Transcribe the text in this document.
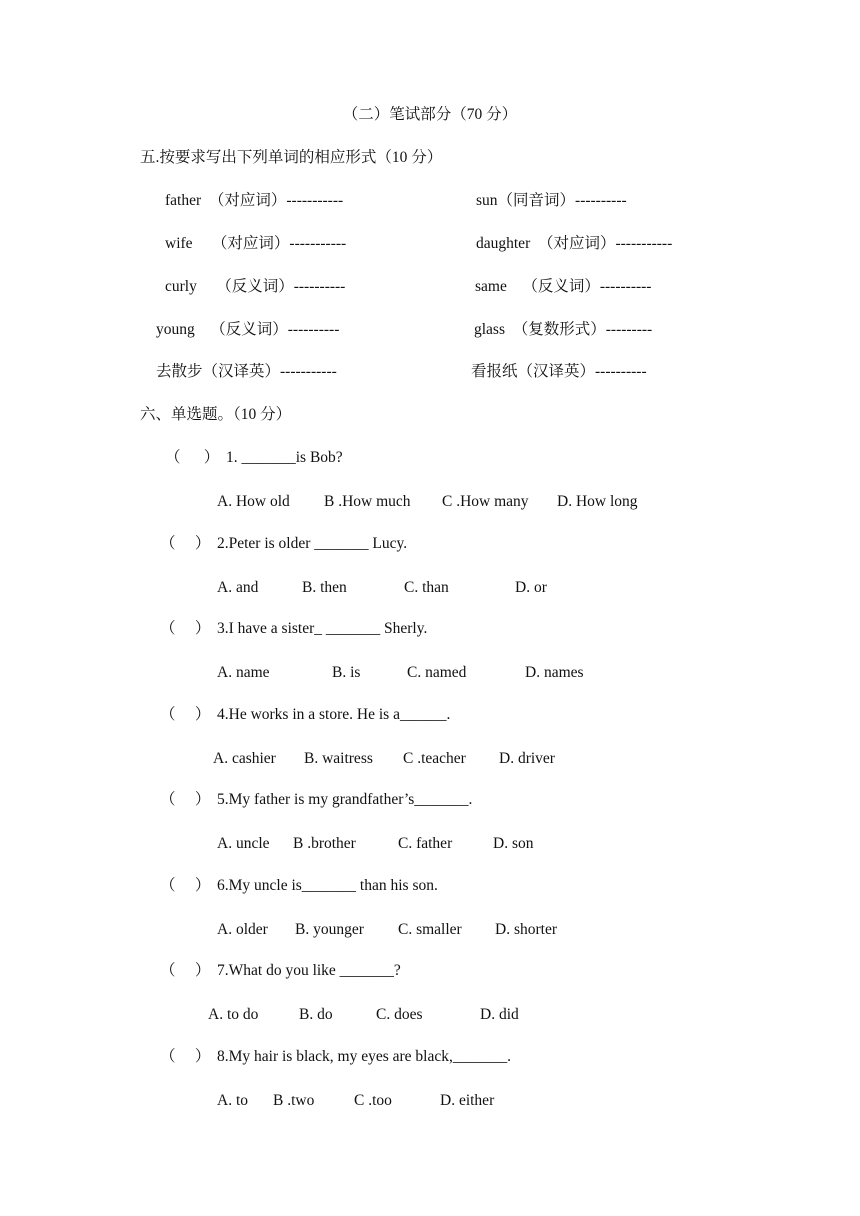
（二）笔试部分（70 分）
五.按要求写出下列单词的相应形式（10 分）
father  （对应词）-----------	sun（同音词）----------
wife     （对应词）-----------	daughter  （对应词）-----------
curly     （反义词）----------	same    （反义词）----------
young    （反义词）----------	glass  （复数形式）---------
去散步（汉译英）-----------	看报纸（汉译英）----------
六、单选题。（10 分）
（      ） 1. _______is Bob?
A. How old B .How much C .How many D. How long
（     ） 2.Peter is older _______ Lucy.
A. and	B. then	C. than	D. or
（     ） 3.I have a sister_ _______ Sherly.
A. name	B. is	C. named	D. names
（     ） 4.He works in a store. He is a______.
A. cashier B. waitress C .teacher D. driver
（     ） 5.My father is my grandfather’s_______.
A. uncle B .brother	C. father	D. son
（     ） 6.My uncle is_______ than his son.
A. older B. younger C. smaller D. shorter
（     ） 7.What do you like _______?
A. to do	B. do	C. does	D. did
（     ） 8.My hair is black, my eyes are black,_______.
A. to B .two	C .too	D. either
